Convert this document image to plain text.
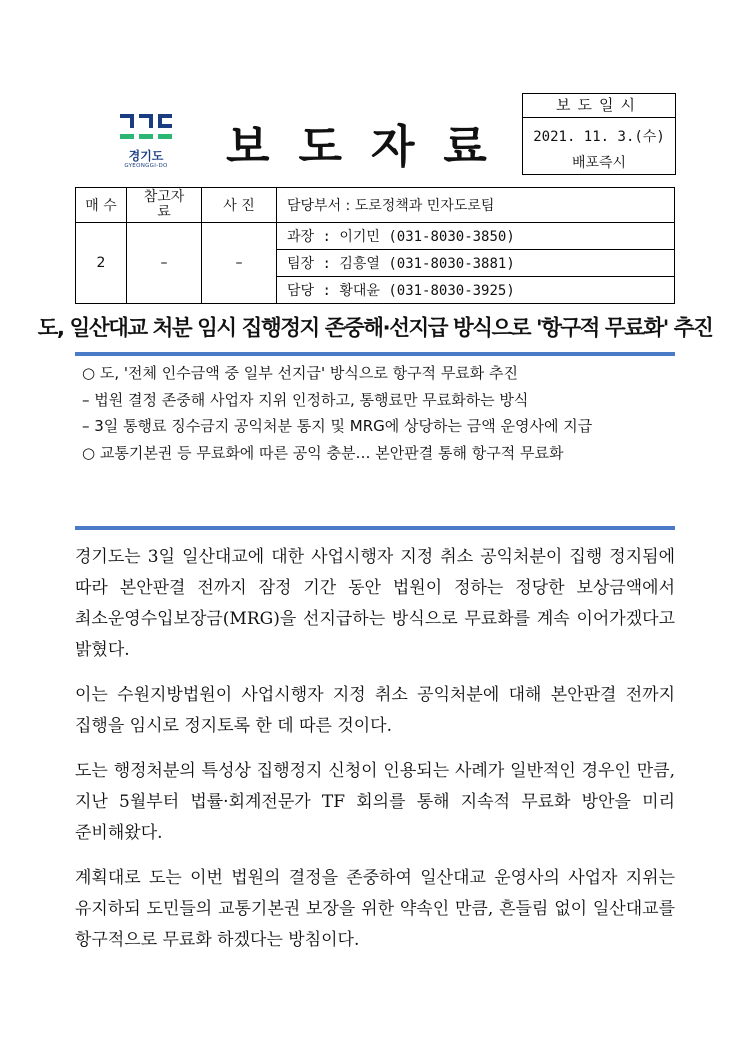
경기도
GYEONGGI-DO 보도자료
보도일시
2021. 11. 3.(수)
배포즉시
매 수	참고자료	사 진	담당부서 : 도로정책과 민자도로팀
2	–	–	과장 : 이기민 (031-8030-3850)
			팀장 : 김흥열 (031-8030-3881)
			담당 : 황대윤 (031-8030-3925)
도, 일산대교 처분 임시 집행정지 존중해·선지급 방식으로 '항구적 무료화' 추진

○ 도, '전체 인수금액 중 일부 선지급' 방식으로 항구적 무료화 추진

– 법원 결정 존중해 사업자 지위 인정하고, 통행료만 무료화하는 방식

– 3일 통행료 징수금지 공익처분 통지 및 MRG에 상당하는 금액 운영사에 지급

○ 교통기본권 등 무료화에 따른 공익 충분… 본안판결 통해 항구적 무료화

경기도는 3일 일산대교에 대한 사업시행자 지정 취소 공익처분이 집행 정지됨에 따라 본안판결 전까지 잠정 기간 동안 법원이 정하는 정당한 보상금액에서 최소운영수입보장금(MRG)을 선지급하는 방식으로 무료화를 계속 이어가겠다고 밝혔다.

이는 수원지방법원이 사업시행자 지정 취소 공익처분에 대해 본안판결 전까지 집행을 임시로 정지토록 한 데 따른 것이다.

도는 행정처분의 특성상 집행정지 신청이 인용되는 사례가 일반적인 경우인 만큼, 지난 5월부터 법률·회계전문가 TF 회의를 통해 지속적 무료화 방안을 미리 준비해왔다.

계획대로 도는 이번 법원의 결정을 존중하여 일산대교 운영사의 사업자 지위는 유지하되 도민들의 교통기본권 보장을 위한 약속인 만큼, 흔들림 없이 일산대교를 항구적으로 무료화 하겠다는 방침이다.
